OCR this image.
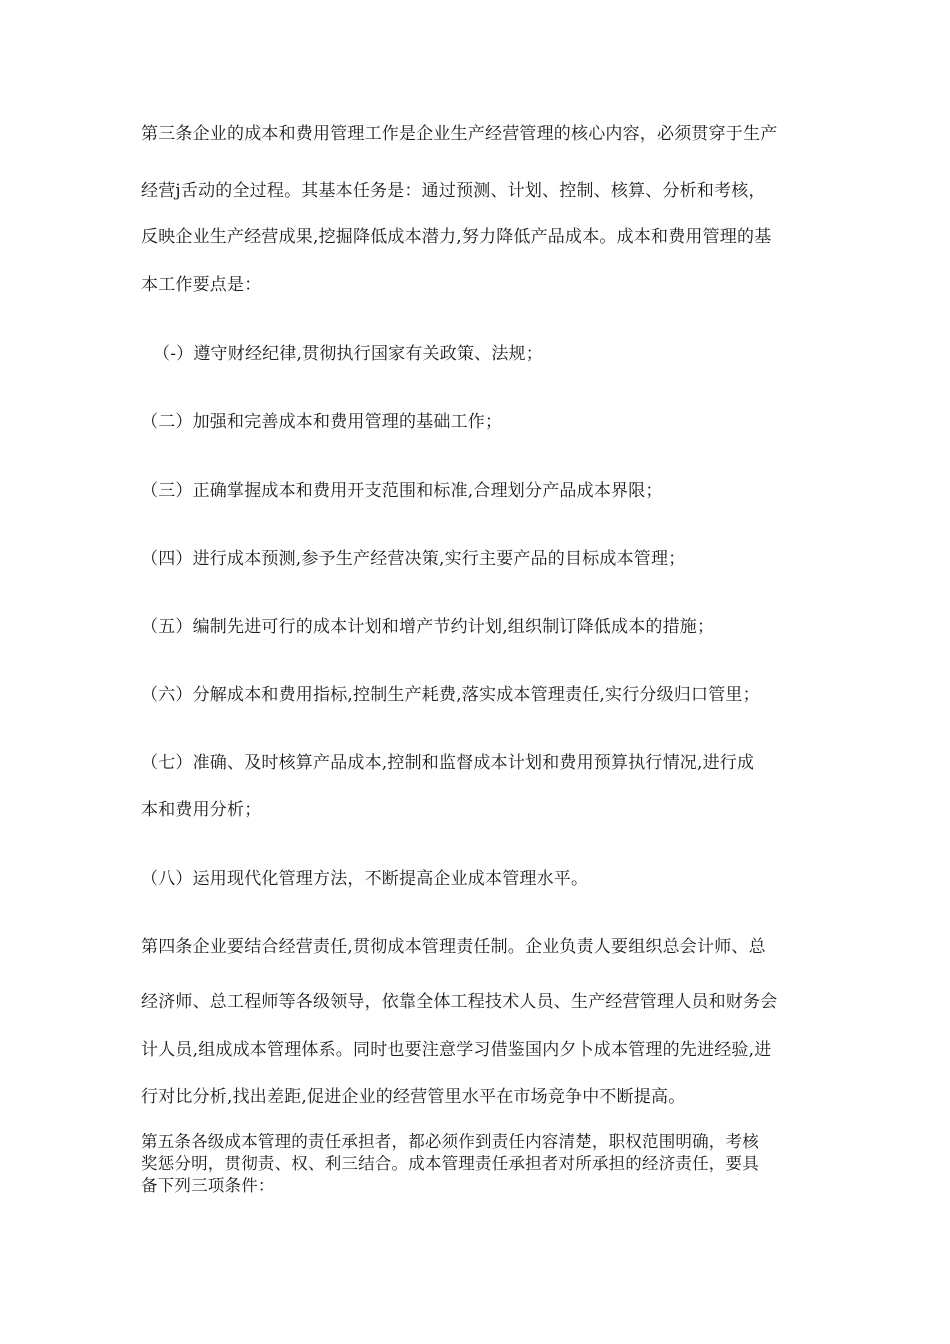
第三条企业的成本和费用管理工作是企业生产经营管理的核心内容，必须贯穿于生产
经营j舌动的全过程。其基本任务是：通过预测、计划、控制、核算、分析和考核，
反映企业生产经营成果,挖掘降低成本潜力,努力降低产品成本。成本和费用管理的基
本工作要点是：
（-）遵守财经纪律,贯彻执行国家有关政策、法规；
（二）加强和完善成本和费用管理的基础工作；
（三）正确掌握成本和费用开支范围和标准,合理划分产品成本界限；
（四）进行成本预测,参予生产经营决策,实行主要产品的目标成本管理；
（五）编制先进可行的成本计划和增产节约计划,组织制订降低成本的措施；
（六）分解成本和费用指标,控制生产耗费,落实成本管理责任,实行分级归口管里；
（七）准确、及时核算产品成本,控制和监督成本计划和费用预算执行情况,进行成
本和费用分析；
（八）运用现代化管理方法，不断提高企业成本管理水平。
第四条企业要结合经营责任,贯彻成本管理责任制。企业负责人要组织总会计师、总
经济师、总工程师等各级领导，依靠全体工程技术人员、生产经营管理人员和财务会
计人员,组成成本管理体系。同时也要注意学习借鉴国内夕卜成本管理的先进经验,进
行对比分析,找出差距,促进企业的经营管里水平在市场竞争中不断提高。
第五条各级成本管理的责任承担者，都必须作到责任内容清楚，职权范围明确，考核
奖惩分明，贯彻责、权、利三结合。成本管理责任承担者对所承担的经济责任，要具
备下列三项条件：
